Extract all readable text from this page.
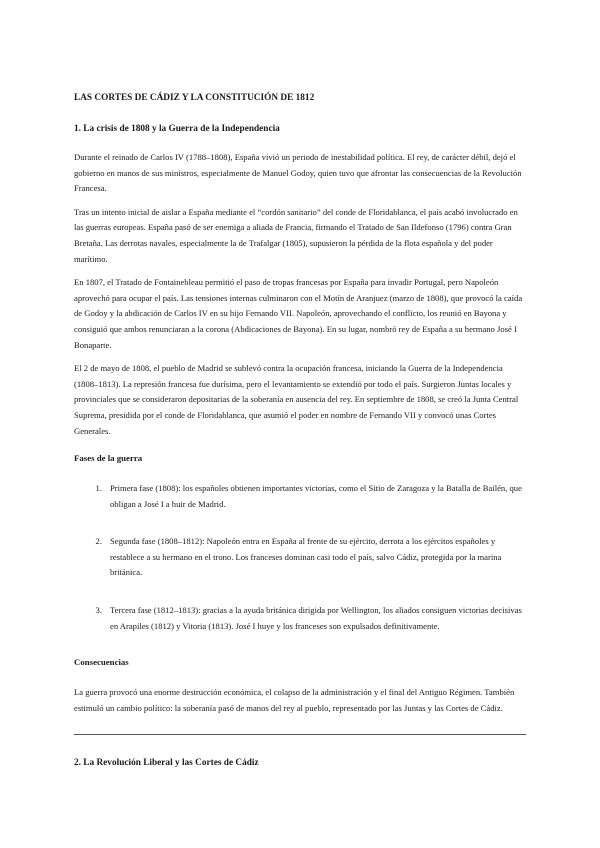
LAS CORTES DE CÁDIZ Y LA CONSTITUCIÓN DE 1812
1. La crisis de 1808 y la Guerra de la Independencia

Durante el reinado de Carlos IV (1788–1808), España vivió un periodo de inestabilidad política. El rey, de carácter débil, dejó el gobierno en manos de sus ministros, especialmente de Manuel Godoy, quien tuvo que afrontar las consecuencias de la Revolución Francesa.

Tras un intento inicial de aislar a España mediante el “cordón sanitario” del conde de Floridablanca, el país acabó involucrado en las guerras europeas. España pasó de ser enemiga a aliada de Francia, firmando el Tratado de San Ildefonso (1796) contra Gran Bretaña. Las derrotas navales, especialmente la de Trafalgar (1805), supusieron la pérdida de la flota española y del poder marítimo.

En 1807, el Tratado de Fontainebleau permitió el paso de tropas francesas por España para invadir Portugal, pero Napoleón aprovechó para ocupar el país. Las tensiones internas culminaron con el Motín de Aranjuez (marzo de 1808), que provocó la caída de Godoy y la abdicación de Carlos IV en su hijo Fernando VII. Napoleón, aprovechando el conflicto, los reunió en Bayona y consiguió que ambos renunciaran a la corona (Abdicaciones de Bayona). En su lugar, nombró rey de España a su hermano José I Bonaparte.

El 2 de mayo de 1808, el pueblo de Madrid se sublevó contra la ocupación francesa, iniciando la Guerra de la Independencia (1808–1813). La represión francesa fue durísima, pero el levantamiento se extendió por todo el país. Surgieron Juntas locales y provinciales que se consideraron depositarias de la soberanía en ausencia del rey. En septiembre de 1808, se creó la Junta Central Suprema, presidida por el conde de Floridablanca, que asumió el poder en nombre de Fernando VII y convocó unas Cortes Generales.

Fases de la guerra
1. Primera fase (1808): los españoles obtienen importantes victorias, como el Sitio de Zaragoza y la Batalla de Bailén, que obligan a José I a huir de Madrid.
2. Segunda fase (1808–1812): Napoleón entra en España al frente de su ejército, derrota a los ejércitos españoles y restablece a su hermano en el trono. Los franceses dominan casi todo el país, salvo Cádiz, protegida por la marina británica.
3. Tercera fase (1812–1813): gracias a la ayuda británica dirigida por Wellington, los aliados consiguen victorias decisivas en Arapiles (1812) y Vitoria (1813). José I huye y los franceses son expulsados definitivamente.
Consecuencias

La guerra provocó una enorme destrucción económica, el colapso de la administración y el final del Antiguo Régimen. También estimuló un cambio político: la soberanía pasó de manos del rey al pueblo, representado por las Juntas y las Cortes de Cádiz.

2. La Revolución Liberal y las Cortes de Cádiz
